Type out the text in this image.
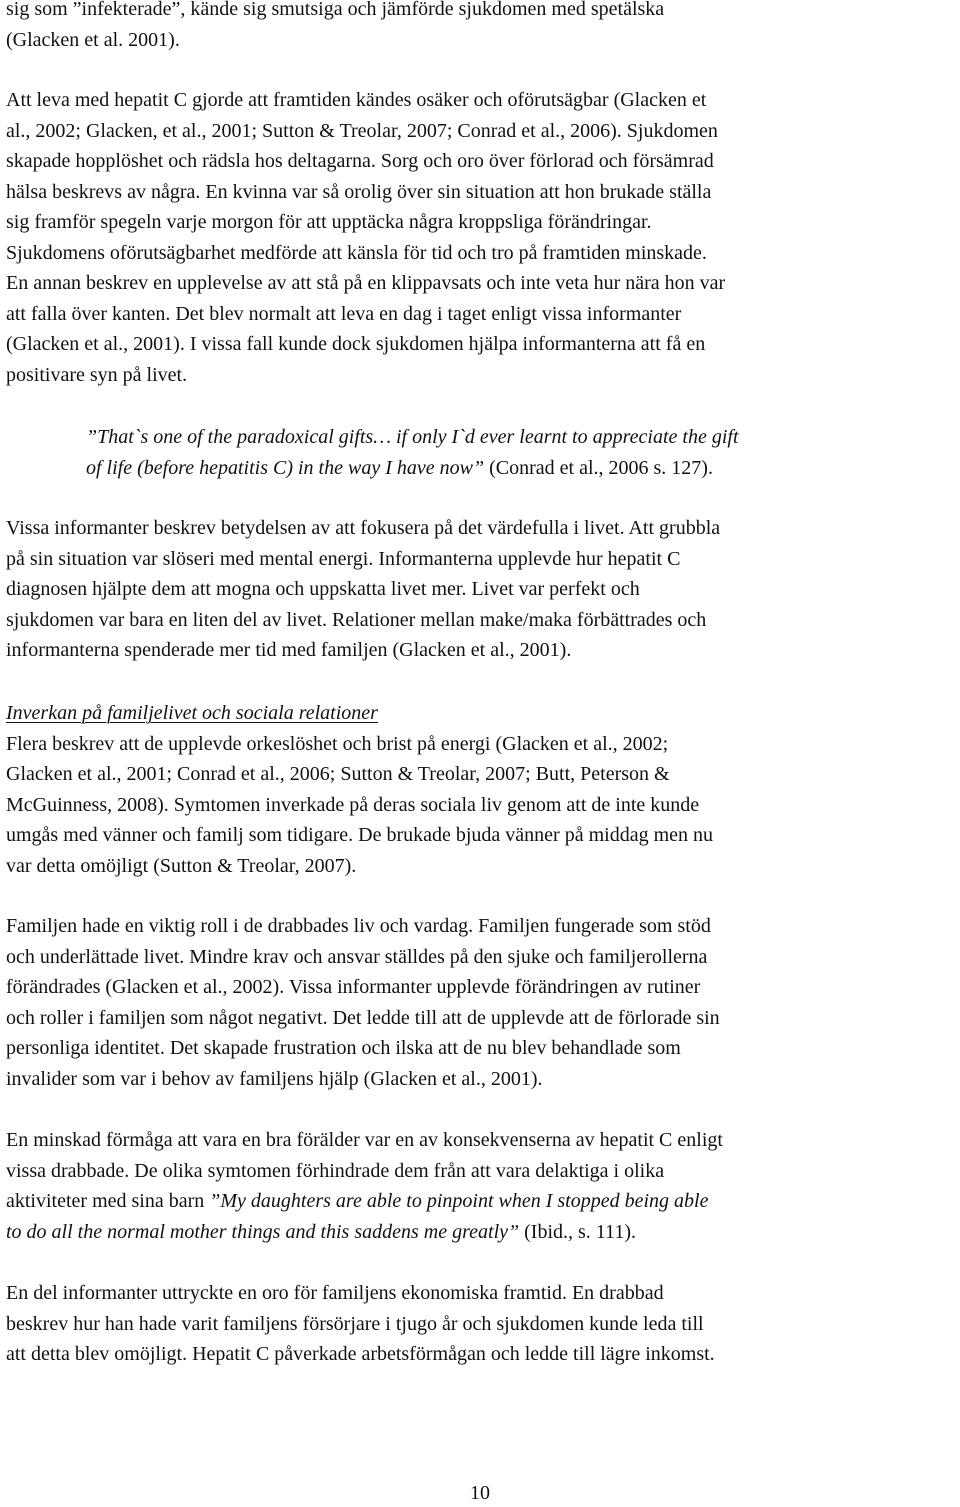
sig som ”infekterade”, kände sig smutsiga och jämförde sjukdomen med spetälska
(Glacken et al. 2001).

Att leva med hepatit C gjorde att framtiden kändes osäker och oförutsägbar (Glacken et
al., 2002; Glacken, et al., 2001; Sutton & Treolar, 2007; Conrad et al., 2006). Sjukdomen
skapade hopplöshet och rädsla hos deltagarna. Sorg och oro över förlorad och försämrad
hälsa beskrevs av några. En kvinna var så orolig över sin situation att hon brukade ställa
sig framför spegeln varje morgon för att upptäcka några kroppsliga förändringar.
Sjukdomens oförutsägbarhet medförde att känsla för tid och tro på framtiden minskade.
En annan beskrev en upplevelse av att stå på en klippavsats och inte veta hur nära hon var
att falla över kanten. Det blev normalt att leva en dag i taget enligt vissa informanter
(Glacken et al., 2001). I vissa fall kunde dock sjukdomen hjälpa informanterna att få en
positivare syn på livet.

”That`s one of the paradoxical gifts… if only I`d ever learnt to appreciate the gift
of life (before hepatitis C) in the way I have now” (Conrad et al., 2006 s. 127).

Vissa informanter beskrev betydelsen av att fokusera på det värdefulla i livet. Att grubbla
på sin situation var slöseri med mental energi. Informanterna upplevde hur hepatit C
diagnosen hjälpte dem att mogna och uppskatta livet mer. Livet var perfekt och
sjukdomen var bara en liten del av livet. Relationer mellan make/maka förbättrades och
informanterna spenderade mer tid med familjen (Glacken et al., 2001).

Inverkan på familjelivet och sociala relationer
Flera beskrev att de upplevde orkeslöshet och brist på energi (Glacken et al., 2002;
Glacken et al., 2001; Conrad et al., 2006; Sutton & Treolar, 2007; Butt, Peterson &
McGuinness, 2008). Symtomen inverkade på deras sociala liv genom att de inte kunde
umgås med vänner och familj som tidigare. De brukade bjuda vänner på middag men nu
var detta omöjligt (Sutton & Treolar, 2007).

Familjen hade en viktig roll i de drabbades liv och vardag. Familjen fungerade som stöd
och underlättade livet. Mindre krav och ansvar ställdes på den sjuke och familjerollerna
förändrades (Glacken et al., 2002). Vissa informanter upplevde förändringen av rutiner
och roller i familjen som något negativt. Det ledde till att de upplevde att de förlorade sin
personliga identitet. Det skapade frustration och ilska att de nu blev behandlade som
invalider som var i behov av familjens hjälp (Glacken et al., 2001).

En minskad förmåga att vara en bra förälder var en av konsekvenserna av hepatit C enligt
vissa drabbade. De olika symtomen förhindrade dem från att vara delaktiga i olika
aktiviteter med sina barn ”My daughters are able to pinpoint when I stopped being able
to do all the normal mother things and this saddens me greatly” (Ibid., s. 111).

En del informanter uttryckte en oro för familjens ekonomiska framtid. En drabbad
beskrev hur han hade varit familjens försörjare i tjugo år och sjukdomen kunde leda till
att detta blev omöjligt. Hepatit C påverkade arbetsförmågan och ledde till lägre inkomst.

10
